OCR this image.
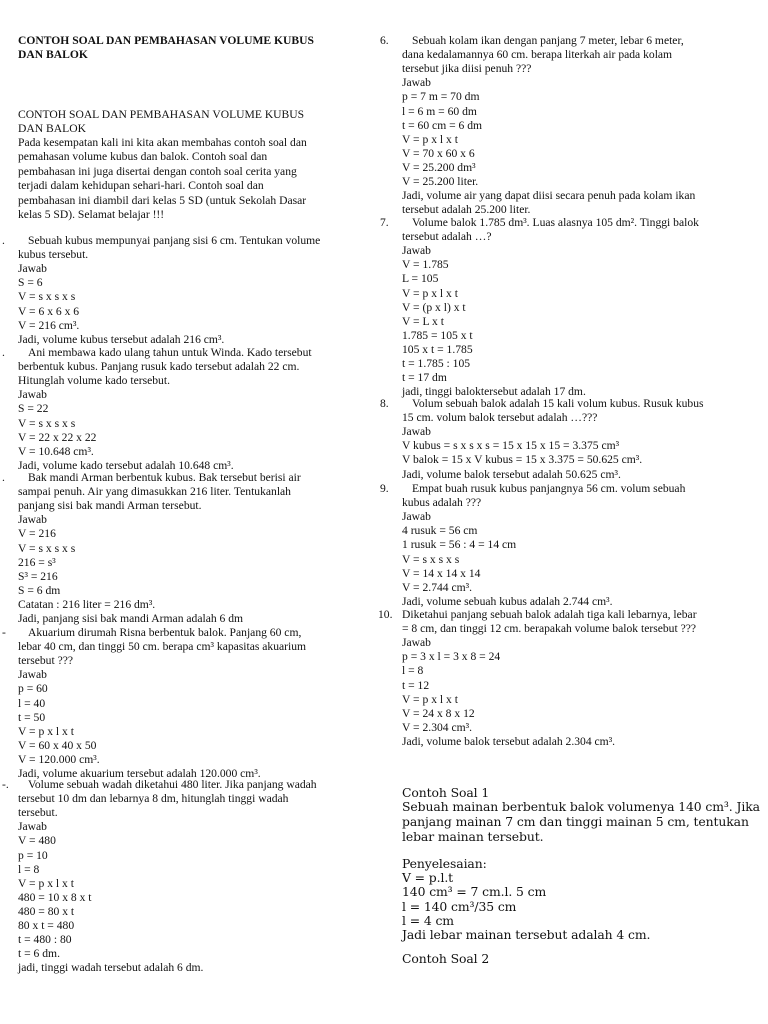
CONTOH SOAL DAN PEMBAHASAN VOLUME KUBUS
DAN BALOK
CONTOH SOAL DAN PEMBAHASAN VOLUME KUBUS
DAN BALOK
Pada kesempatan kali ini kita akan membahas contoh soal dan
pemahasan volume kubus dan balok. Contoh soal dan
pembahasan ini juga disertai dengan contoh soal cerita yang
terjadi dalam kehidupan sehari-hari. Contoh soal dan
pembahasan ini diambil dari kelas 5 SD (untuk Sekolah Dasar
kelas 5 SD). Selamat belajar !!!
. Sebuah kubus mempunyai panjang sisi 6 cm. Tentukan volume
kubus tersebut.
Jawab
S = 6
V = s x s x s
V = 6 x 6 x 6
V = 216 cm³.
Jadi, volume kubus tersebut adalah 216 cm³.
. Ani membawa kado ulang tahun untuk Winda. Kado tersebut
berbentuk kubus. Panjang rusuk kado tersebut adalah 22 cm.
Hitunglah volume kado tersebut.
Jawab
S = 22
V = s x s x s
V = 22 x 22 x 22
V = 10.648 cm³.
Jadi, volume kado tersebut adalah 10.648 cm³.
. Bak mandi Arman berbentuk kubus. Bak tersebut berisi air
sampai penuh. Air yang dimasukkan 216 liter. Tentukanlah
panjang sisi bak mandi Arman tersebut.
Jawab
V = 216
V = s x s x s
216 = s³
S³ = 216
S = 6 dm
Catatan : 216 liter = 216 dm³.
Jadi, panjang sisi bak mandi Arman adalah 6 dm
- Akuarium dirumah Risna berbentuk balok. Panjang 60 cm,
lebar 40 cm, dan tinggi 50 cm. berapa cm³ kapasitas akuarium
tersebut ???
Jawab
p = 60
l = 40
t = 50
V = p x l x t
V = 60 x 40 x 50
V = 120.000 cm³.
Jadi, volume akuarium tersebut adalah 120.000 cm³.
-. Volume sebuah wadah diketahui 480 liter. Jika panjang wadah
tersebut 10 dm dan lebarnya 8 dm, hitunglah tinggi wadah
tersebut.
Jawab
V = 480
p = 10
l = 8
V = p x l x t
480 = 10 x 8 x t
480 = 80 x t
80 x t = 480
t = 480 : 80
t = 6 dm.
jadi, tinggi wadah tersebut adalah 6 dm.
6. Sebuah kolam ikan dengan panjang 7 meter, lebar 6 meter,
dana kedalamannya 60 cm. berapa literkah air pada kolam
tersebut jika diisi penuh ???
Jawab
p = 7 m = 70 dm
l = 6 m = 60 dm
t = 60 cm = 6 dm
V = p x l x t
V = 70 x 60 x 6
V = 25.200 dm³
V = 25.200 liter.
Jadi, volume air yang dapat diisi secara penuh pada kolam ikan
tersebut adalah 25.200 liter.
7. Volume balok 1.785 dm³. Luas alasnya 105 dm². Tinggi balok
tersebut adalah …?
Jawab
V = 1.785
L = 105
V = p x l x t
V = (p x l) x t
V = L x t
1.785 = 105 x t
105 x t = 1.785
t = 1.785 : 105
t = 17 dm
jadi, tinggi baloktersebut adalah 17 dm.
8. Volum sebuah balok adalah 15 kali volum kubus. Rusuk kubus
15 cm. volum balok tersebut adalah …???
Jawab
V kubus = s x s x s = 15 x 15 x 15 = 3.375 cm³
V balok = 15 x V kubus = 15 x 3.375 = 50.625 cm³.
Jadi, volume balok tersebut adalah 50.625 cm³.
9. Empat buah rusuk kubus panjangnya 56 cm. volum sebuah
kubus adalah ???
Jawab
4 rusuk = 56 cm
1 rusuk = 56 : 4 = 14 cm
V = s x s x s
V = 14 x 14 x 14
V = 2.744 cm³.
Jadi, volume sebuah kubus adalah 2.744 cm³.
10. Diketahui panjang sebuah balok adalah tiga kali lebarnya, lebar
= 8 cm, dan tinggi 12 cm. berapakah volume balok tersebut ???
Jawab
p = 3 x l = 3 x 8 = 24
l = 8
t = 12
V = p x l x t
V = 24 x 8 x 12
V = 2.304 cm³.
Jadi, volume balok tersebut adalah 2.304 cm³.
Contoh Soal 1
Sebuah mainan berbentuk balok volumenya 140 cm³. Jika
panjang mainan 7 cm dan tinggi mainan 5 cm, tentukan
lebar mainan tersebut.
Penyelesaian:
V = p.l.t
140 cm³ = 7 cm.l. 5 cm
l = 140 cm³/35 cm
l = 4 cm
Jadi lebar mainan tersebut adalah 4 cm.
Contoh Soal 2
